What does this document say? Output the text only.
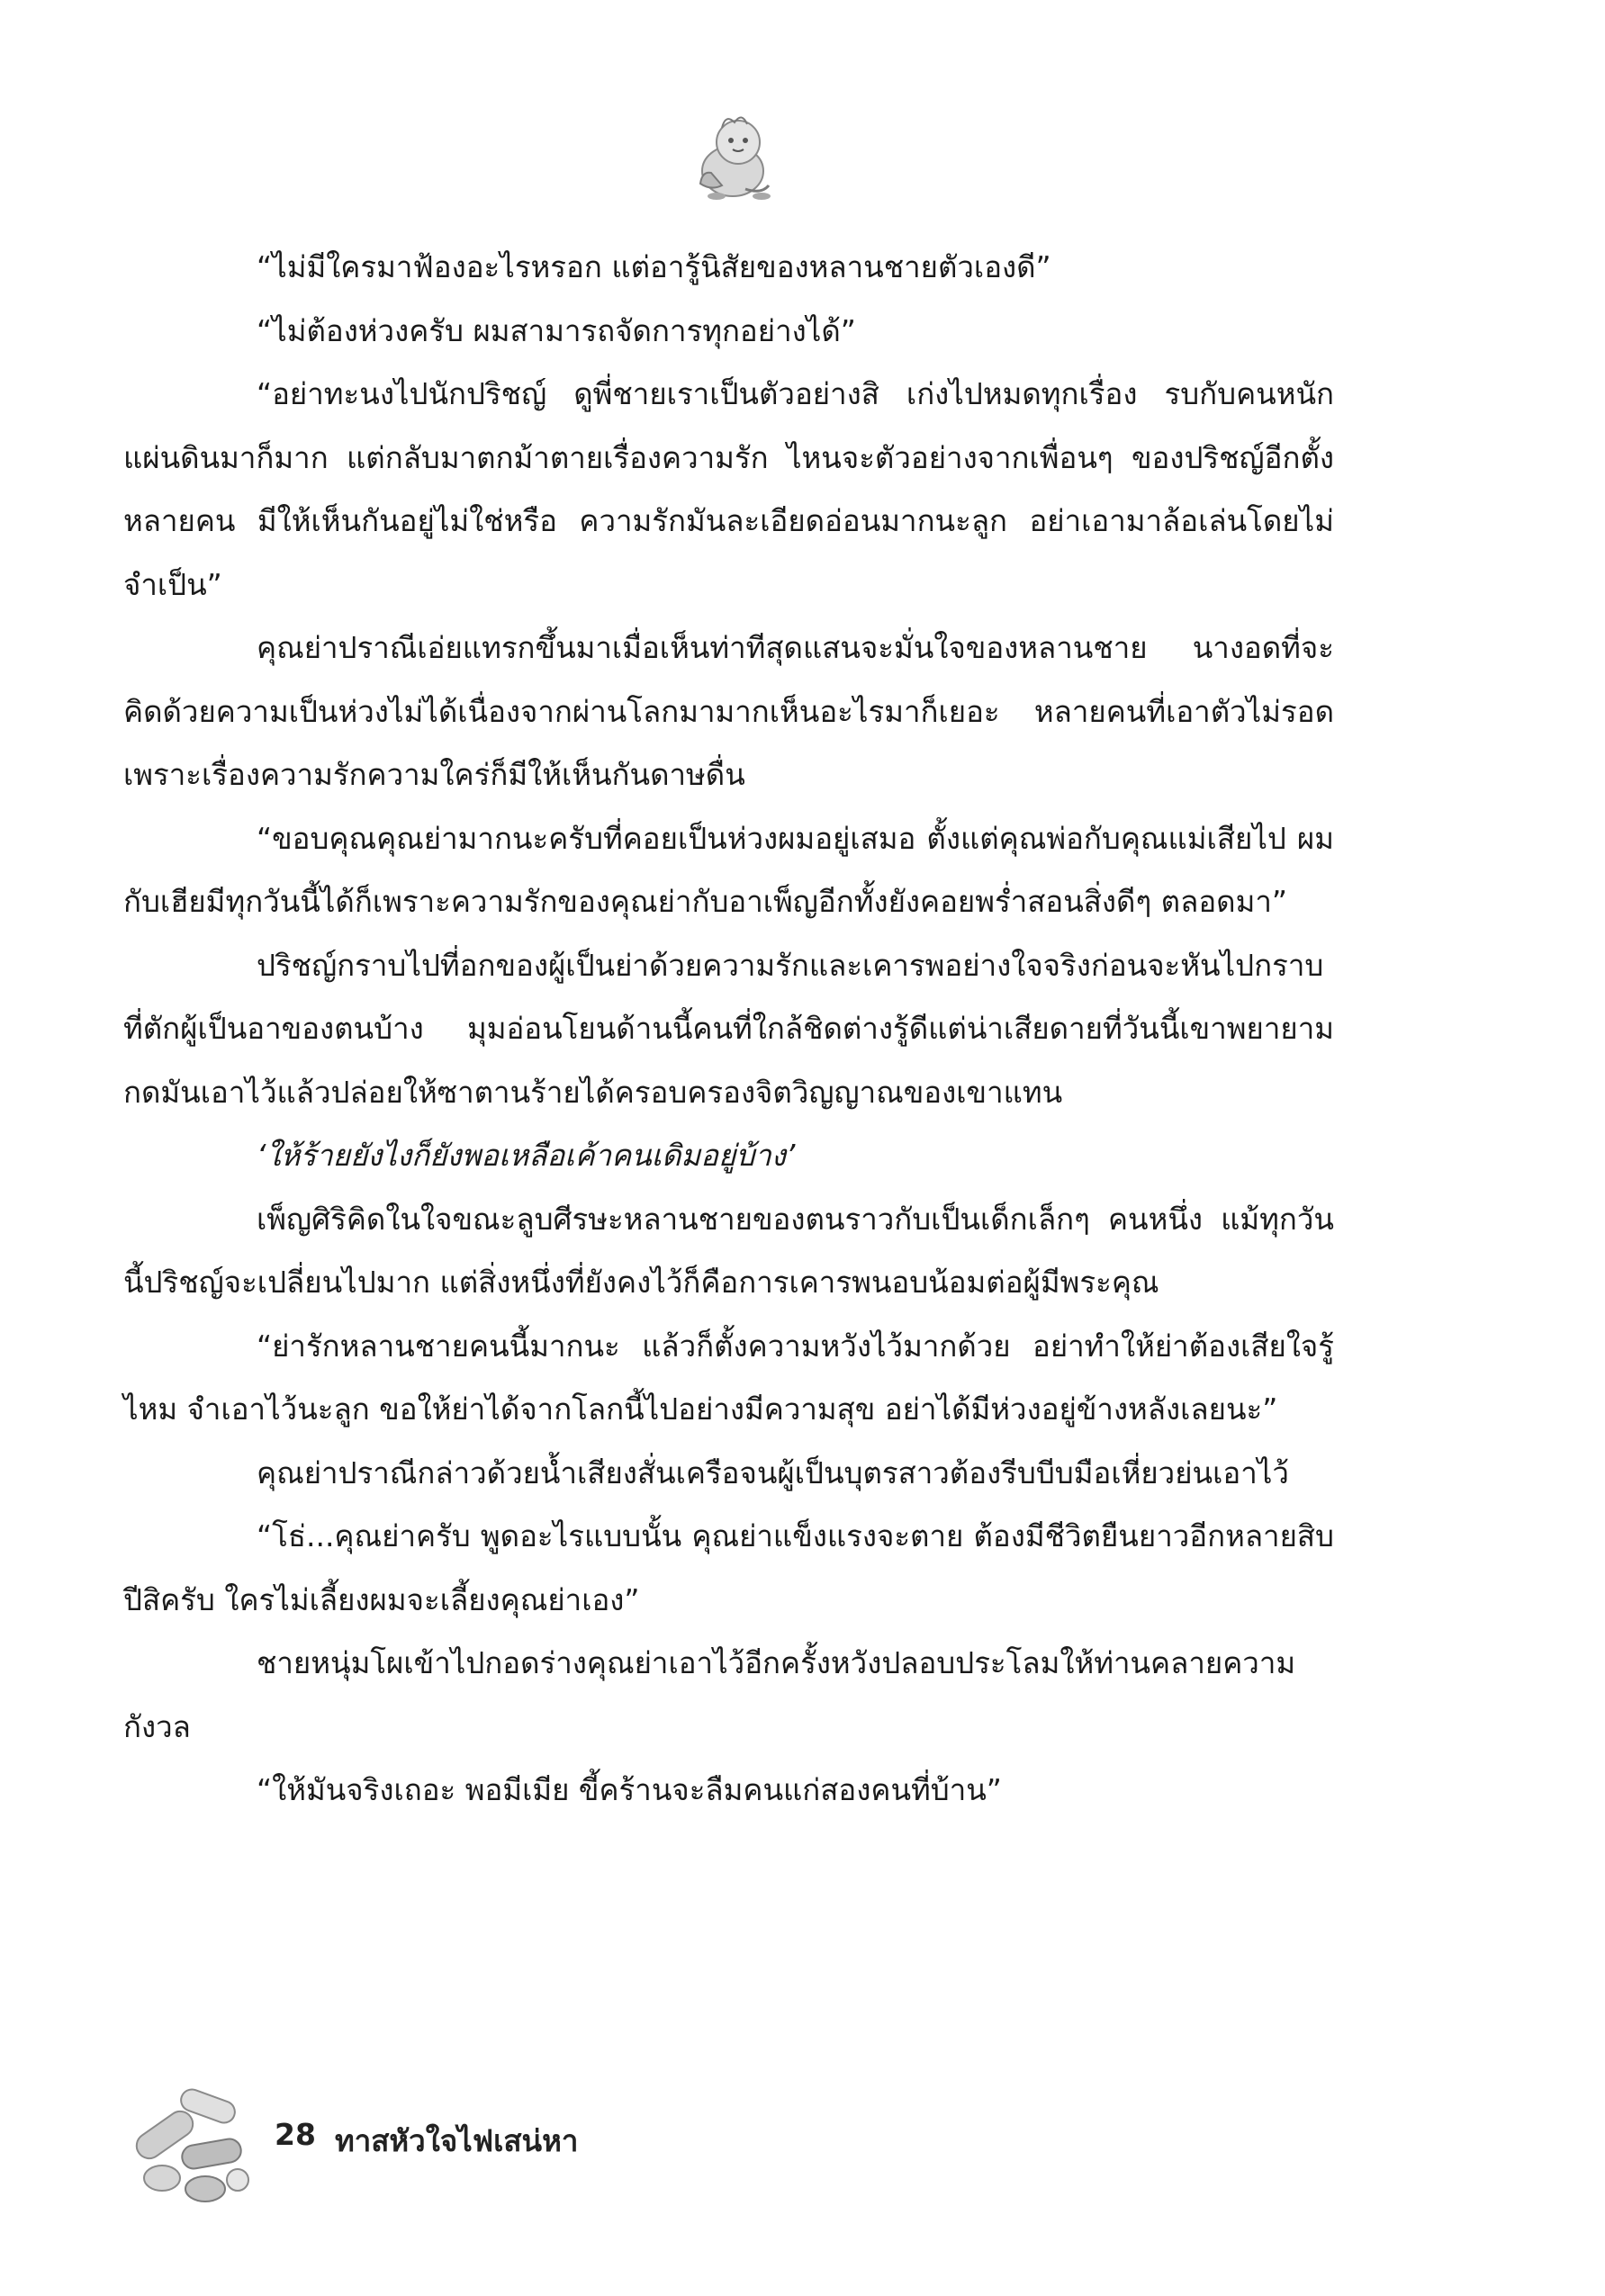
“ไม่มีใครมาฟ้องอะไรหรอก แต่อารู้นิสัยของหลานชายตัวเองดี”

“ไม่ต้องห่วงครับ ผมสามารถจัดการทุกอย่างได้”

“อย่าทะนงไปนักปริชญ์ ดูพี่ชายเราเป็นตัวอย่างสิ เก่งไปหมดทุกเรื่อง รบกับคนหนักแผ่นดินมาก็มาก แต่กลับมาตกม้าตายเรื่องความรัก ไหนจะตัวอย่างจากเพื่อนๆ ของปริชญ์อีกตั้งหลายคน มีให้เห็นกันอยู่ไม่ใช่หรือ ความรักมันละเอียดอ่อนมากนะลูก อย่าเอามาล้อเล่นโดยไม่จำเป็น”

คุณย่าปราณีเอ่ยแทรกขึ้นมาเมื่อเห็นท่าทีสุดแสนจะมั่นใจของหลานชาย นางอดที่จะคิดด้วยความเป็นห่วงไม่ได้เนื่องจากผ่านโลกมามากเห็นอะไรมาก็เยอะ หลายคนที่เอาตัวไม่รอดเพราะเรื่องความรักความใคร่ก็มีให้เห็นกันดาษดื่น

“ขอบคุณคุณย่ามากนะครับที่คอยเป็นห่วงผมอยู่เสมอ ตั้งแต่คุณพ่อกับคุณแม่เสียไป ผมกับเฮียมีทุกวันนี้ได้ก็เพราะความรักของคุณย่ากับอาเพ็ญอีกทั้งยังคอยพร่ำสอนสิ่งดีๆ ตลอดมา”

ปริชญ์กราบไปที่อกของผู้เป็นย่าด้วยความรักและเคารพอย่างใจจริงก่อนจะหันไปกราบที่ตักผู้เป็นอาของตนบ้าง มุมอ่อนโยนด้านนี้คนที่ใกล้ชิดต่างรู้ดีแต่น่าเสียดายที่วันนี้เขาพยายามกดมันเอาไว้แล้วปล่อยให้ซาตานร้ายได้ครอบครองจิตวิญญาณของเขาแทน

‘ให้ร้ายยังไงก็ยังพอเหลือเค้าคนเดิมอยู่บ้าง’

เพ็ญศิริคิดในใจขณะลูบศีรษะหลานชายของตนราวกับเป็นเด็กเล็กๆ คนหนึ่ง แม้ทุกวันนี้ปริชญ์จะเปลี่ยนไปมาก แต่สิ่งหนึ่งที่ยังคงไว้ก็คือการเคารพนอบน้อมต่อผู้มีพระคุณ

“ย่ารักหลานชายคนนี้มากนะ แล้วก็ตั้งความหวังไว้มากด้วย อย่าทำให้ย่าต้องเสียใจรู้ไหม จำเอาไว้นะลูก ขอให้ย่าได้จากโลกนี้ไปอย่างมีความสุข อย่าได้มีห่วงอยู่ข้างหลังเลยนะ”

คุณย่าปราณีกล่าวด้วยน้ำเสียงสั่นเครือจนผู้เป็นบุตรสาวต้องรีบบีบมือเหี่ยวย่นเอาไว้

“โธ่...คุณย่าครับ พูดอะไรแบบนั้น คุณย่าแข็งแรงจะตาย ต้องมีชีวิตยืนยาวอีกหลายสิบปีสิครับ ใครไม่เลี้ยงผมจะเลี้ยงคุณย่าเอง”

ชายหนุ่มโผเข้าไปกอดร่างคุณย่าเอาไว้อีกครั้งหวังปลอบประโลมให้ท่านคลายความกังวล

“ให้มันจริงเถอะ พอมีเมีย ขี้คร้านจะลืมคนแก่สองคนที่บ้าน”

28 ทาสหัวใจไฟเสน่หา
